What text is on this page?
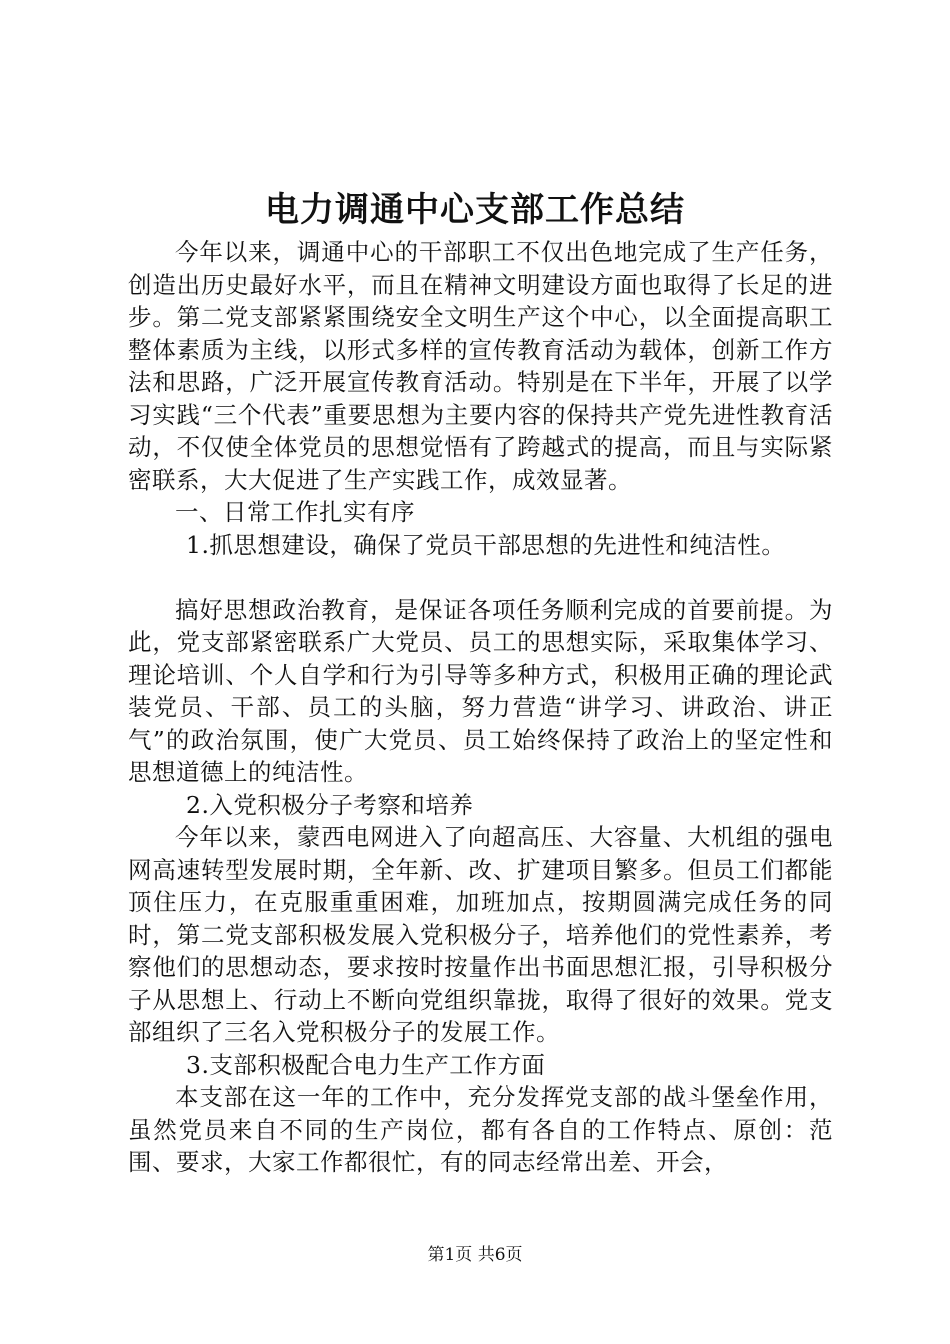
电力调通中心支部工作总结

今年以来，调通中心的干部职工不仅出色地完成了生产任务，创造出历史最好水平，而且在精神文明建设方面也取得了长足的进步。第二党支部紧紧围绕安全文明生产这个中心，以全面提高职工整体素质为主线，以形式多样的宣传教育活动为载体，创新工作方法和思路，广泛开展宣传教育活动。特别是在下半年，开展了以学习实践“三个代表”重要思想为主要内容的保持共产党先进性教育活动，不仅使全体党员的思想觉悟有了跨越式的提高，而且与实际紧密联系，大大促进了生产实践工作，成效显著。

一、日常工作扎实有序

1.抓思想建设，确保了党员干部思想的先进性和纯洁性。

搞好思想政治教育，是保证各项任务顺利完成的首要前提。为此，党支部紧密联系广大党员、员工的思想实际，采取集体学习、理论培训、个人自学和行为引导等多种方式，积极用正确的理论武装党员、干部、员工的头脑，努力营造“讲学习、讲政治、讲正气”的政治氛围，使广大党员、员工始终保持了政治上的坚定性和思想道德上的纯洁性。

2.入党积极分子考察和培养

今年以来，蒙西电网进入了向超高压、大容量、大机组的强电网高速转型发展时期，全年新、改、扩建项目繁多。但员工们都能顶住压力，在克服重重困难，加班加点，按期圆满完成任务的同时，第二党支部积极发展入党积极分子，培养他们的党性素养，考察他们的思想动态，要求按时按量作出书面思想汇报，引导积极分子从思想上、行动上不断向党组织靠拢，取得了很好的效果。党支部组织了三名入党积极分子的发展工作。

3.支部积极配合电力生产工作方面

本支部在这一年的工作中，充分发挥党支部的战斗堡垒作用，虽然党员来自不同的生产岗位，都有各自的工作特点、原创：范围、要求，大家工作都很忙，有的同志经常出差、开会，

第1页 共6页
